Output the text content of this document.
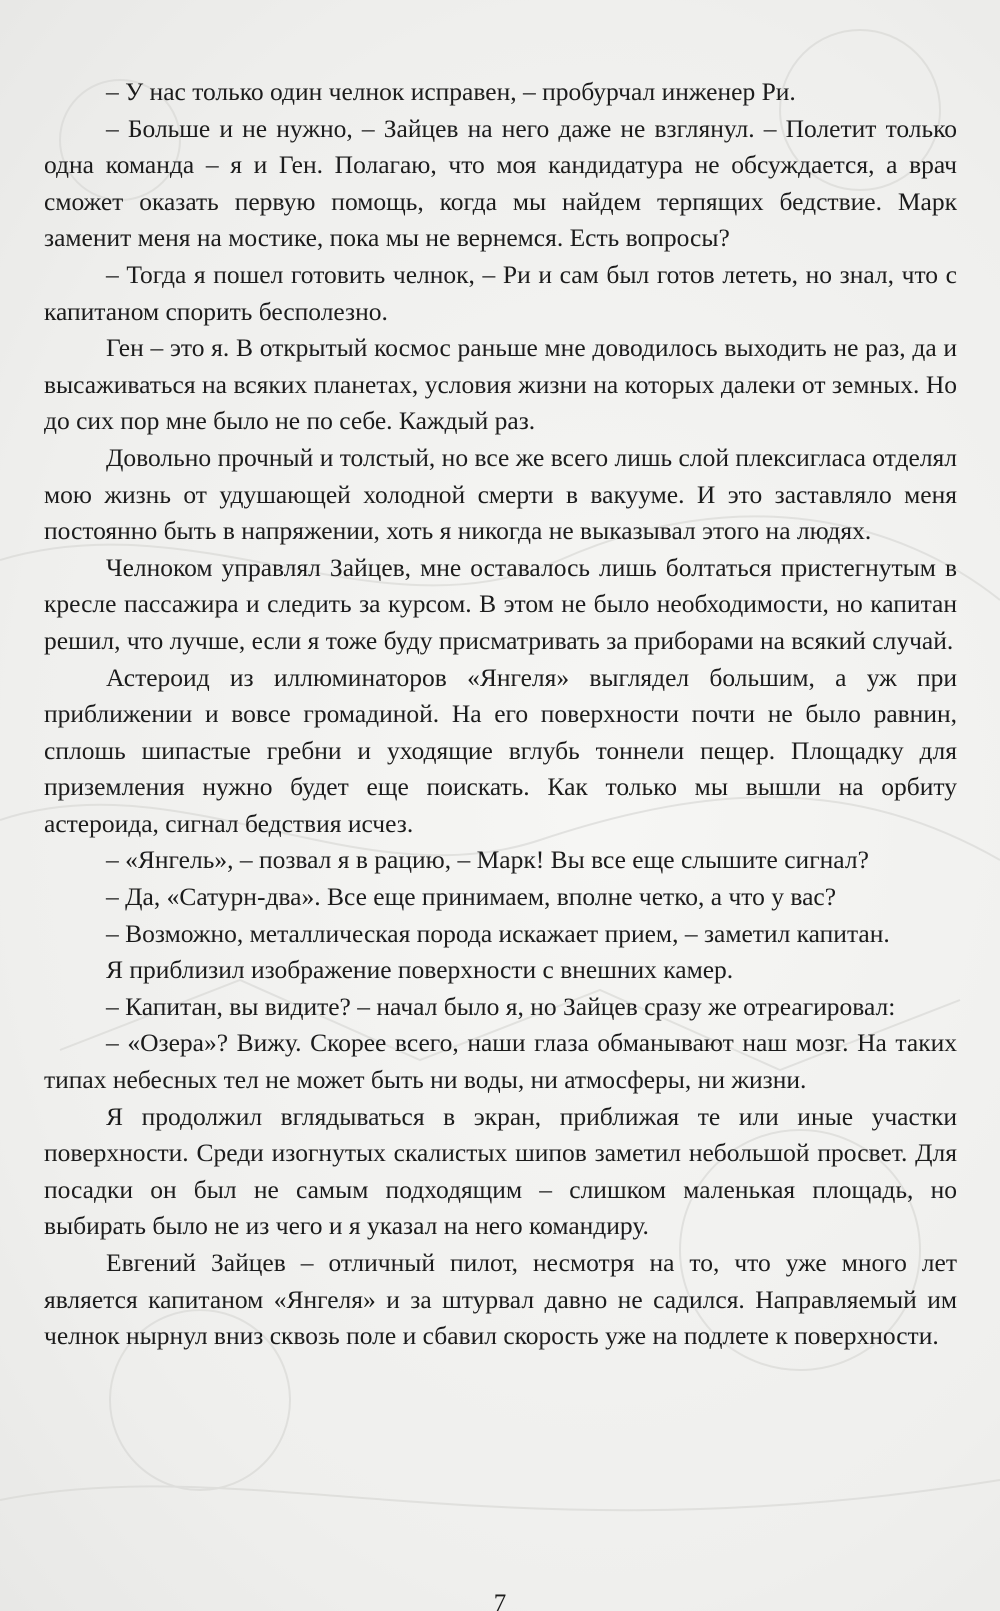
– У нас только один челнок исправен, – пробурчал инженер Ри.

– Больше и не нужно, – Зайцев на него даже не взглянул. – Полетит только одна команда – я и Ген. Полагаю, что моя кандидатура не обсуждается, а врач сможет оказать первую помощь, когда мы найдем терпящих бедствие. Марк заменит меня на мостике, пока мы не вернемся. Есть вопросы?

– Тогда я пошел готовить челнок, – Ри и сам был готов лететь, но знал, что с капитаном спорить бесполезно.

Ген – это я. В открытый космос раньше мне доводилось выходить не раз, да и высаживаться на всяких планетах, условия жизни на которых далеки от земных. Но до сих пор мне было не по себе. Каждый раз.

Довольно прочный и толстый, но все же всего лишь слой плексигласа отделял мою жизнь от удушающей холодной смерти в вакууме. И это заставляло меня постоянно быть в напряжении, хоть я никогда не выказывал этого на людях.

Челноком управлял Зайцев, мне оставалось лишь болтаться пристегнутым в кресле пассажира и следить за курсом. В этом не было необходимости, но капитан решил, что лучше, если я тоже буду присматривать за приборами на всякий случай.

Астероид из иллюминаторов «Янгеля» выглядел большим, а уж при приближении и вовсе громадиной. На его поверхности почти не было равнин, сплошь шипастые гребни и уходящие вглубь тоннели пещер. Площадку для приземления нужно будет еще поискать. Как только мы вышли на орбиту астероида, сигнал бедствия исчез.

– «Янгель», – позвал я в рацию, – Марк! Вы все еще слышите сигнал?

– Да, «Сатурн-два». Все еще принимаем, вполне четко, а что у вас?

– Возможно, металлическая порода искажает прием, – заметил капитан.

Я приблизил изображение поверхности с внешних камер.

– Капитан, вы видите? – начал было я, но Зайцев сразу же отреагировал:

– «Озера»? Вижу. Скорее всего, наши глаза обманывают наш мозг. На таких типах небесных тел не может быть ни воды, ни атмосферы, ни жизни.

Я продолжил вглядываться в экран, приближая те или иные участки поверхности. Среди изогнутых скалистых шипов заметил небольшой просвет. Для посадки он был не самым подходящим – слишком маленькая площадь, но выбирать было не из чего и я указал на него командиру.

Евгений Зайцев – отличный пилот, несмотря на то, что уже много лет является капитаном «Янгеля» и за штурвал давно не садился. Направляемый им челнок нырнул вниз сквозь поле и сбавил скорость уже на подлете к поверхности.

7
